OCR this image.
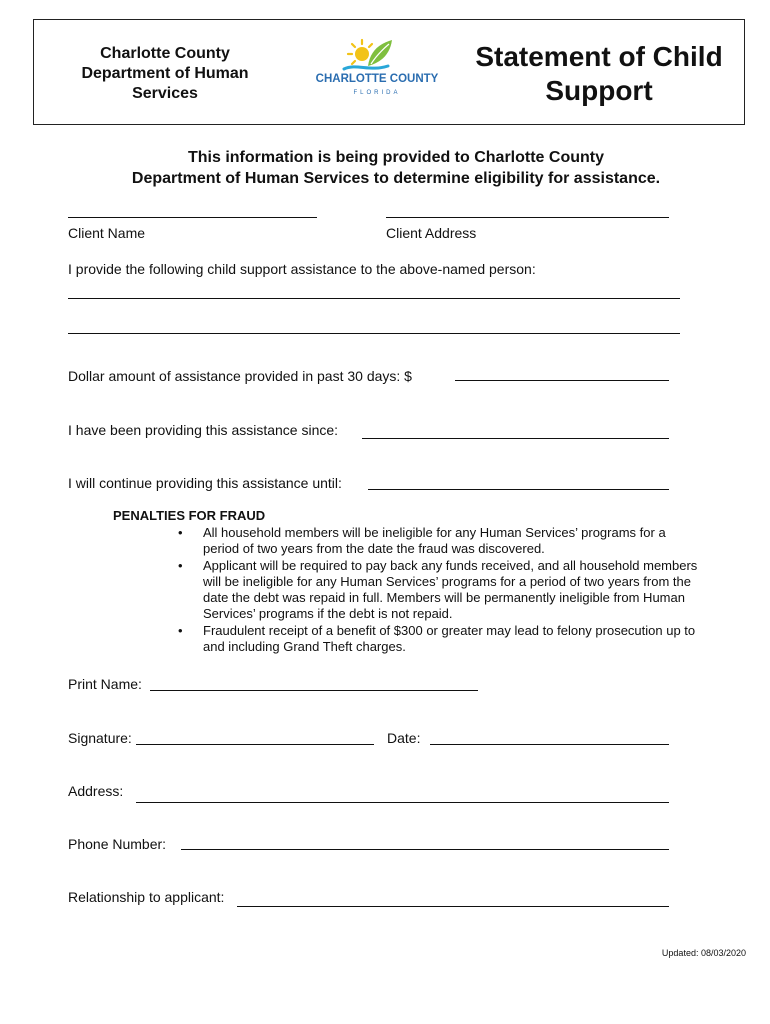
Charlotte County
Department of Human
Services
CHARLOTTE COUNTY
FLORIDA
Statement of Child
Support
This information is being provided to Charlotte County
Department of Human Services to determine eligibility for assistance.
Client Name	Client Address
I provide the following child support assistance to the above-named person:
Dollar amount of assistance provided in past 30 days: $
I have been providing this assistance since:
I will continue providing this assistance until:
PENALTIES FOR FRAUD
• All household members will be ineligible for any Human Services’ programs for a
period of two years from the date the fraud was discovered.
• Applicant will be required to pay back any funds received, and all household members
will be ineligible for any Human Services’ programs for a period of two years from the
date the debt was repaid in full. Members will be permanently ineligible from Human
Services’ programs if the debt is not repaid.
• Fraudulent receipt of a benefit of $300 or greater may lead to felony prosecution up to
and including Grand Theft charges.
Print Name:
Signature:	Date:
Address:
Phone Number:
Relationship to applicant:
Updated: 08/03/2020
